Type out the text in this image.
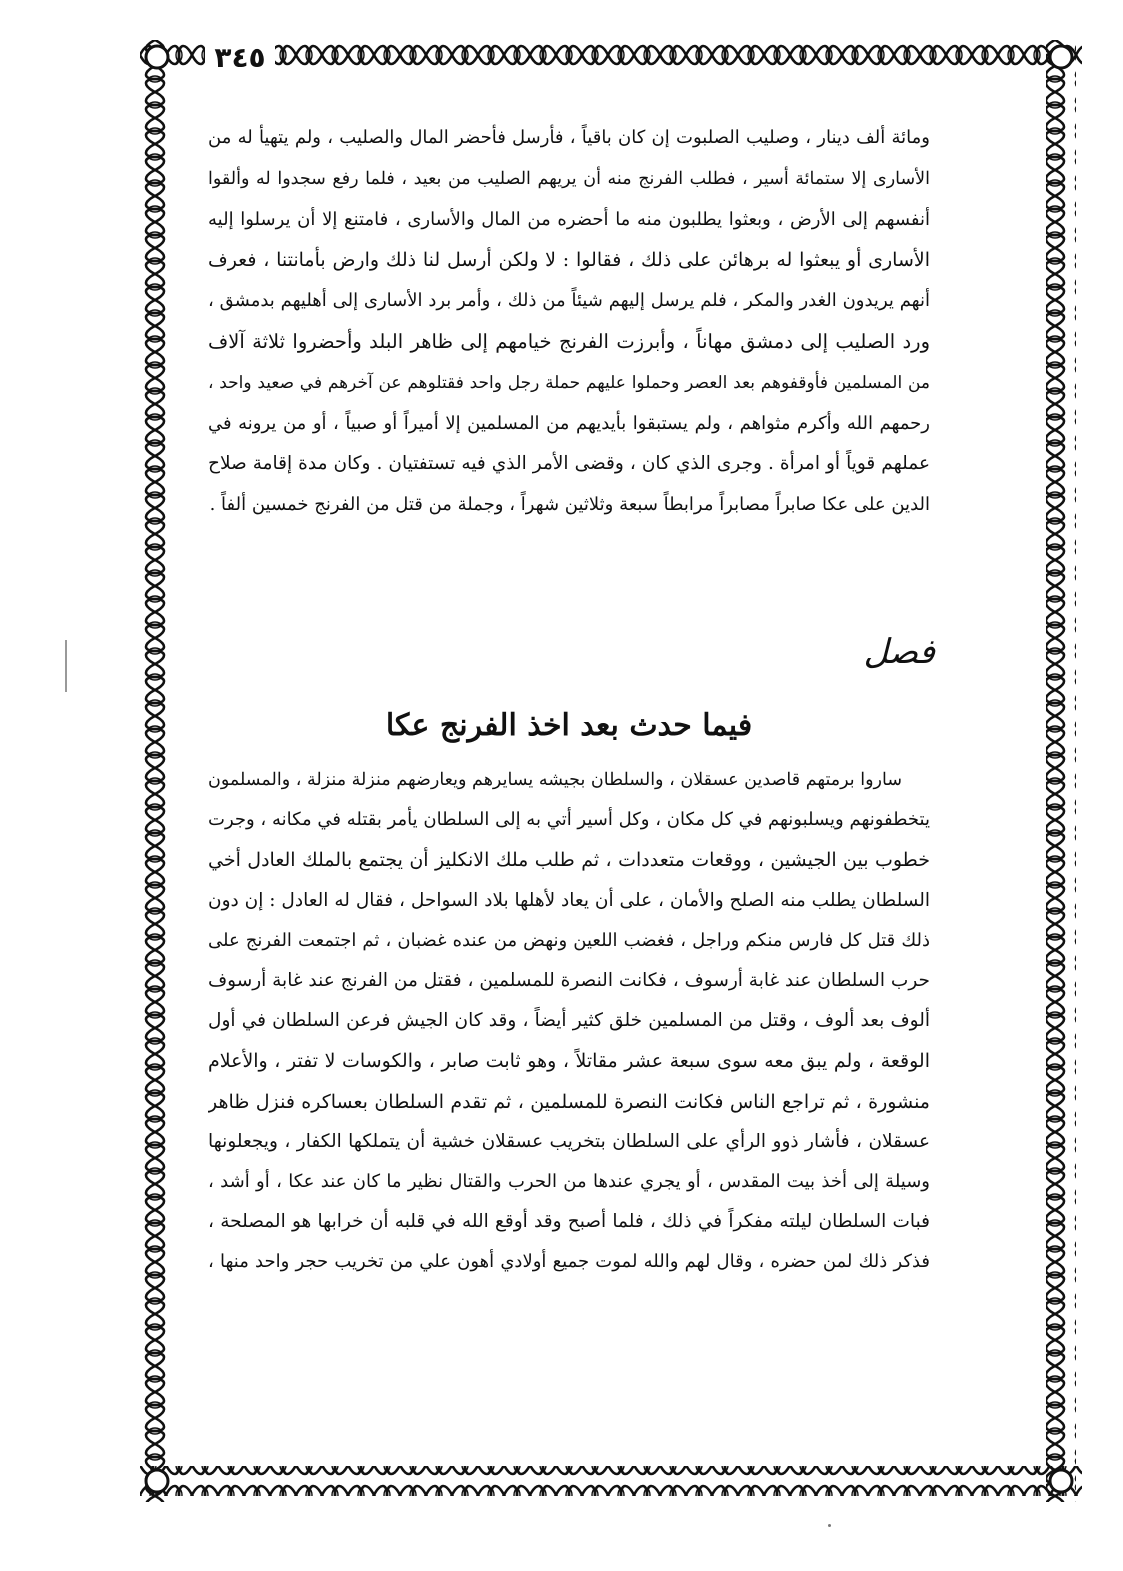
٣٤٥
ومائة ألف دينار ، وصليب الصلبوت إن كان باقياً ، فأرسل فأحضر المال والصليب ، ولم يتهيأ له من
الأسارى إلا ستمائة أسير ، فطلب الفرنج منه أن يريهم الصليب من بعيد ، فلما رفع سجدوا له وألقوا
أنفسهم إلى الأرض ، وبعثوا يطلبون منه ما أحضره من المال والأسارى ، فامتنع إلا أن يرسلوا إليه
الأسارى أو يبعثوا له برهائن على ذلك ، فقالوا : لا ولكن أرسل لنا ذلك وارض بأمانتنا ، فعرف
أنهم يريدون الغدر والمكر ، فلم يرسل إليهم شيئاً من ذلك ، وأمر برد الأسارى إلى أهليهم بدمشق ،
ورد الصليب إلى دمشق مهاناً ، وأبرزت الفرنج خيامهم إلى ظاهر البلد وأحضروا ثلاثة آلاف
من المسلمين فأوقفوهم بعد العصر وحملوا عليهم حملة رجل واحد فقتلوهم عن آخرهم في صعيد واحد ،
رحمهم الله وأكرم مثواهم ، ولم يستبقوا بأيديهم من المسلمين إلا أميراً أو صبياً ، أو من يرونه في
عملهم قوياً أو امرأة . وجرى الذي كان ، وقضى الأمر الذي فيه تستفتيان . وكان مدة إقامة صلاح
الدين على عكا صابراً مصابراً مرابطاً سبعة وثلاثين شهراً ، وجملة من قتل من الفرنج خمسين ألفاً .
فصل
فيما حدث بعد اخذ الفرنج عكا
ساروا برمتهم قاصدين عسقلان ، والسلطان بجيشه يسايرهم ويعارضهم منزلة منزلة ، والمسلمون
يتخطفونهم ويسلبونهم في كل مكان ، وكل أسير أتي به إلى السلطان يأمر بقتله في مكانه ، وجرت
خطوب بين الجيشين ، ووقعات متعددات ، ثم طلب ملك الانكليز أن يجتمع بالملك العادل أخي
السلطان يطلب منه الصلح والأمان ، على أن يعاد لأهلها بلاد السواحل ، فقال له العادل : إن دون
ذلك قتل كل فارس منكم وراجل ، فغضب اللعين ونهض من عنده غضبان ، ثم اجتمعت الفرنج على
حرب السلطان عند غابة أرسوف ، فكانت النصرة للمسلمين ، فقتل من الفرنج عند غابة أرسوف
ألوف بعد ألوف ، وقتل من المسلمين خلق كثير أيضاً ، وقد كان الجيش فرعن السلطان في أول
الوقعة ، ولم يبق معه سوى سبعة عشر مقاتلاً ، وهو ثابت صابر ، والكوسات لا تفتر ، والأعلام
منشورة ، ثم تراجع الناس فكانت النصرة للمسلمين ، ثم تقدم السلطان بعساكره فنزل ظاهر
عسقلان ، فأشار ذوو الرأي على السلطان بتخريب عسقلان خشية أن يتملكها الكفار ، ويجعلونها
وسيلة إلى أخذ بيت المقدس ، أو يجري عندها من الحرب والقتال نظير ما كان عند عكا ، أو أشد ،
فبات السلطان ليلته مفكراً في ذلك ، فلما أصبح وقد أوقع الله في قلبه أن خرابها هو المصلحة ،
فذكر ذلك لمن حضره ، وقال لهم والله لموت جميع أولادي أهون علي من تخريب حجر واحد منها ،
